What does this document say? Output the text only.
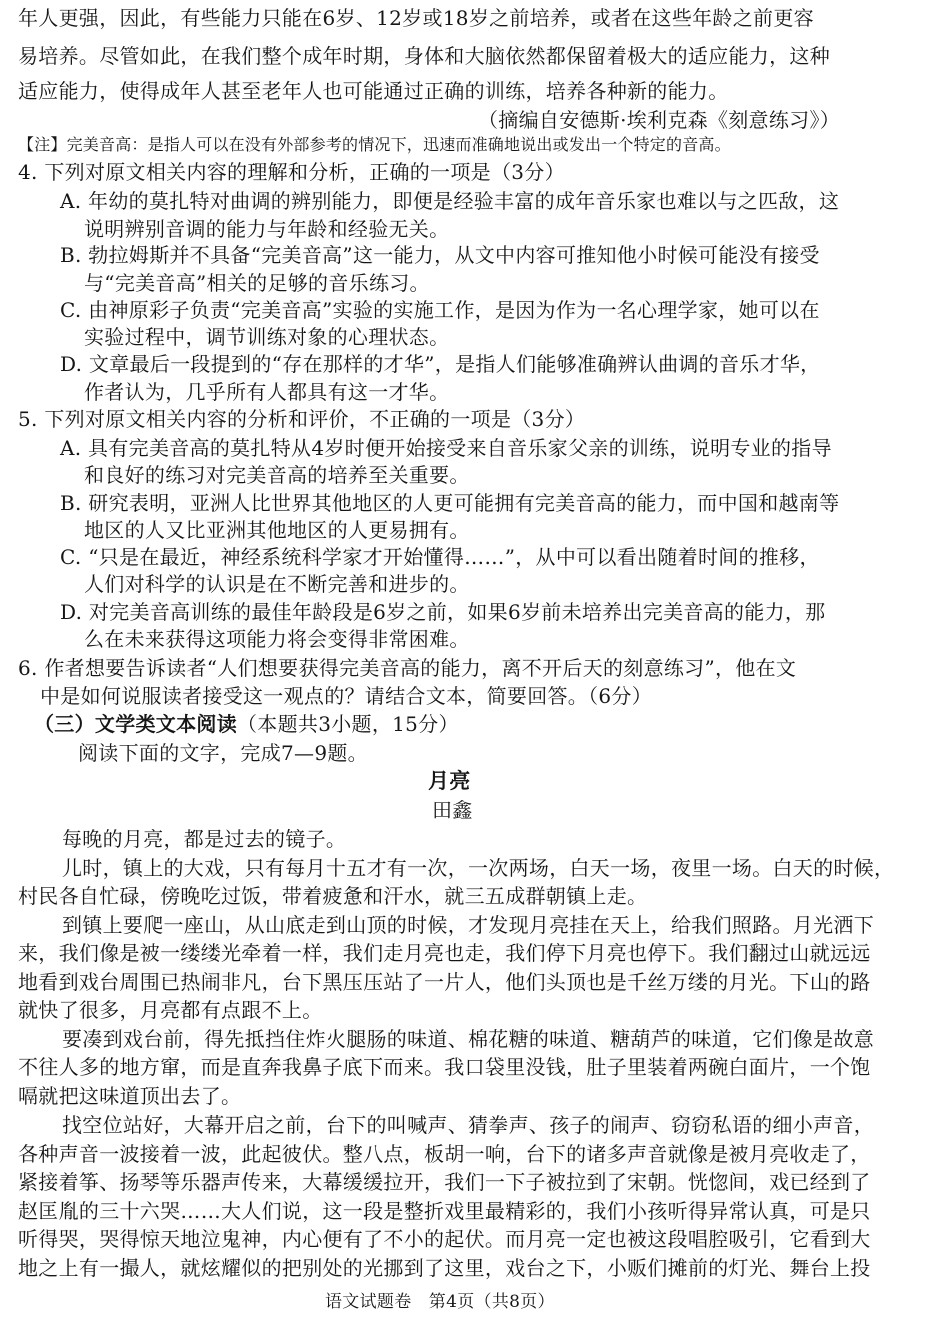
年人更强，因此，有些能力只能在6岁、12岁或18岁之前培养，或者在这些年龄之前更容
易培养。尽管如此，在我们整个成年时期，身体和大脑依然都保留着极大的适应能力，这种
适应能力，使得成年人甚至老年人也可能通过正确的训练，培养各种新的能力。
（摘编自安德斯·埃利克森《刻意练习》）
【注】完美音高：是指人可以在没有外部参考的情况下，迅速而准确地说出或发出一个特定的音高。
4. 下列对原文相关内容的理解和分析，正确的一项是（3分）
A. 年幼的莫扎特对曲调的辨别能力，即便是经验丰富的成年音乐家也难以与之匹敌，这
说明辨别音调的能力与年龄和经验无关。
B. 勃拉姆斯并不具备“完美音高”这一能力，从文中内容可推知他小时候可能没有接受
与“完美音高”相关的足够的音乐练习。
C. 由神原彩子负责“完美音高”实验的实施工作，是因为作为一名心理学家，她可以在
实验过程中，调节训练对象的心理状态。
D. 文章最后一段提到的“存在那样的才华”，是指人们能够准确辨认曲调的音乐才华，
作者认为，几乎所有人都具有这一才华。
5. 下列对原文相关内容的分析和评价，不正确的一项是（3分）
A. 具有完美音高的莫扎特从4岁时便开始接受来自音乐家父亲的训练，说明专业的指导
和良好的练习对完美音高的培养至关重要。
B. 研究表明，亚洲人比世界其他地区的人更可能拥有完美音高的能力，而中国和越南等
地区的人又比亚洲其他地区的人更易拥有。
C. “只是在最近，神经系统科学家才开始懂得……”，从中可以看出随着时间的推移，
人们对科学的认识是在不断完善和进步的。
D. 对完美音高训练的最佳年龄段是6岁之前，如果6岁前未培养出完美音高的能力，那
么在未来获得这项能力将会变得非常困难。
6. 作者想要告诉读者“人们想要获得完美音高的能力，离不开后天的刻意练习”，他在文
中是如何说服读者接受这一观点的？请结合文本，简要回答。（6分）
（三）文学类文本阅读（本题共3小题，15分）
阅读下面的文字，完成7—9题。
月亮
田鑫
每晚的月亮，都是过去的镜子。
儿时，镇上的大戏，只有每月十五才有一次，一次两场，白天一场，夜里一场。白天的时候，
村民各自忙碌，傍晚吃过饭，带着疲惫和汗水，就三五成群朝镇上走。
到镇上要爬一座山，从山底走到山顶的时候，才发现月亮挂在天上，给我们照路。月光洒下
来，我们像是被一缕缕光牵着一样，我们走月亮也走，我们停下月亮也停下。我们翻过山就远远
地看到戏台周围已热闹非凡，台下黑压压站了一片人，他们头顶也是千丝万缕的月光。下山的路
就快了很多，月亮都有点跟不上。
要凑到戏台前，得先抵挡住炸火腿肠的味道、棉花糖的味道、糖葫芦的味道，它们像是故意
不往人多的地方窜，而是直奔我鼻子底下而来。我口袋里没钱，肚子里装着两碗白面片，一个饱
嗝就把这味道顶出去了。
找空位站好，大幕开启之前，台下的叫喊声、猜拳声、孩子的闹声、窃窃私语的细小声音，
各种声音一波接着一波，此起彼伏。整八点，板胡一响，台下的诸多声音就像是被月亮收走了，
紧接着筝、扬琴等乐器声传来，大幕缓缓拉开，我们一下子被拉到了宋朝。恍惚间，戏已经到了
赵匡胤的三十六哭……大人们说，这一段是整折戏里最精彩的，我们小孩听得异常认真，可是只
听得哭，哭得惊天地泣鬼神，内心便有了不小的起伏。而月亮一定也被这段唱腔吸引，它看到大
地之上有一撮人，就炫耀似的把别处的光挪到了这里，戏台之下，小贩们摊前的灯光、舞台上投
语文试题卷　第4页（共8页）
